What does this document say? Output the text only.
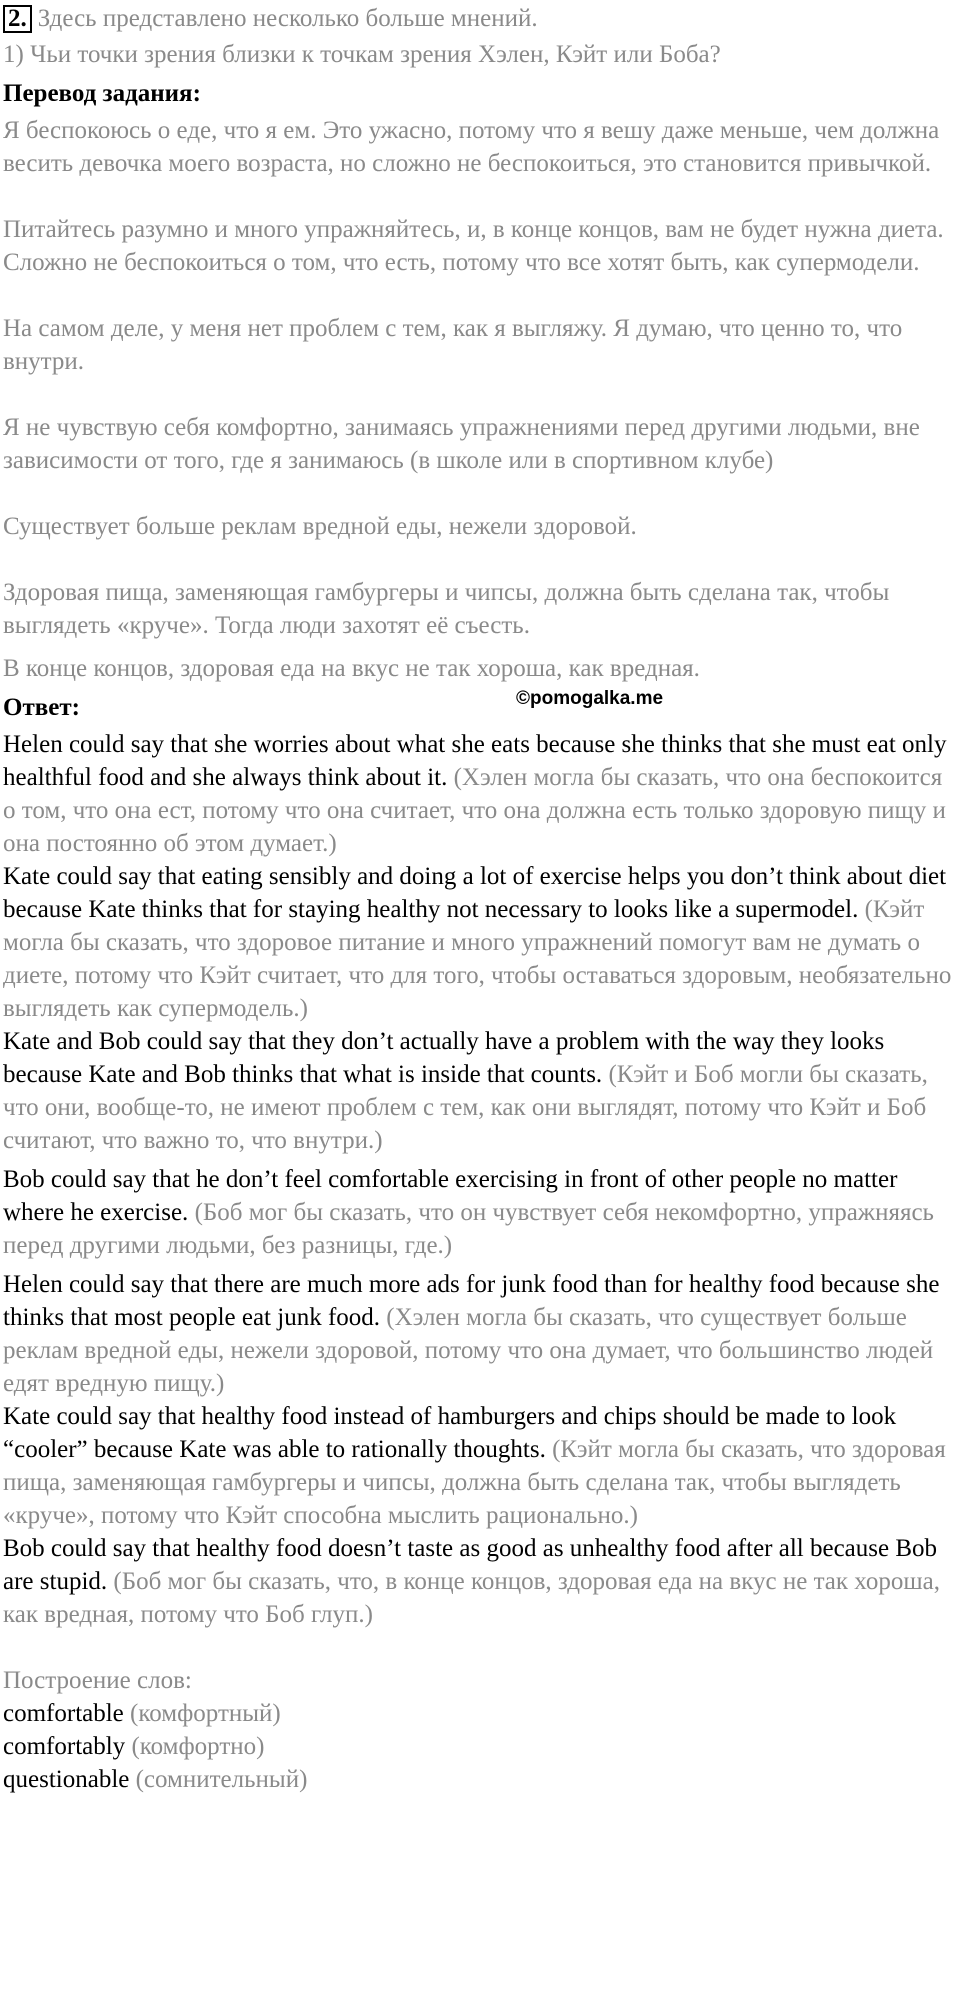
2. Здесь представлено несколько больше мнений.

1) Чьи точки зрения близки к точкам зрения Хэлен, Кэйт или Боба?

Перевод задания:

Я беспокоюсь о еде, что я ем. Это ужасно, потому что я вешу даже меньше, чем должна весить девочка моего возраста, но сложно не беспокоиться, это становится привычкой.

Питайтесь разумно и много упражняйтесь, и, в конце концов, вам не будет нужна диета. Сложно не беспокоиться о том, что есть, потому что все хотят быть, как супермодели.

На самом деле, у меня нет проблем с тем, как я выгляжу. Я думаю, что ценно то, что внутри.

Я не чувствую себя комфортно, занимаясь упражнениями перед другими людьми, вне зависимости от того, где я занимаюсь (в школе или в спортивном клубе)

Существует больше реклам вредной еды, нежели здоровой.

Здоровая пища, заменяющая гамбургеры и чипсы, должна быть сделана так, чтобы выглядеть «круче». Тогда люди захотят её съесть.

В конце концов, здоровая еда на вкус не так хороша, как вредная.

Ответ:

Helen could say that she worries about what she eats because she thinks that she must eat only healthful food and she always think about it. (Хэлен могла бы сказать, что она беспокоится о том, что она ест, потому что она считает, что она должна есть только здоровую пищу и она постоянно об этом думает.)

Kate could say that eating sensibly and doing a lot of exercise helps you don’t think about diet because Kate thinks that for staying healthy not necessary to looks like a supermodel. (Кэйт могла бы сказать, что здоровое питание и много упражнений помогут вам не думать о диете, потому что Кэйт считает, что для того, чтобы оставаться здоровым, необязательно выглядеть как супермодель.)

Kate and Bob could say that they don’t actually have a problem with the way they looks because Kate and Bob thinks that what is inside that counts. (Кэйт и Боб могли бы сказать, что они, вообще-то, не имеют проблем с тем, как они выглядят, потому что Кэйт и Боб считают, что важно то, что внутри.)

Bob could say that he don’t feel comfortable exercising in front of other people no matter where he exercise. (Боб мог бы сказать, что он чувствует себя некомфортно, упражняясь перед другими людьми, без разницы, где.)

Helen could say that there are much more ads for junk food than for healthy food because she thinks that most people eat junk food. (Хэлен могла бы сказать, что существует больше реклам вредной еды, нежели здоровой, потому что она думает, что большинство людей едят вредную пищу.)

Kate could say that healthy food instead of hamburgers and chips should be made to look “cooler” because Kate was able to rationally thoughts. (Кэйт могла бы сказать, что здоровая пища, заменяющая гамбургеры и чипсы, должна быть сделана так, чтобы выглядеть «круче», потому что Кэйт способна мыслить рационально.)

Bob could say that healthy food doesn’t taste as good as unhealthy food after all because Bob are stupid. (Боб мог бы сказать, что, в конце концов, здоровая еда на вкус не так хороша, как вредная, потому что Боб глуп.)

Построение слов:

comfortable (комфортный)

comfortably (комфортно)

questionable (сомнительный)

©pomogalka.me
